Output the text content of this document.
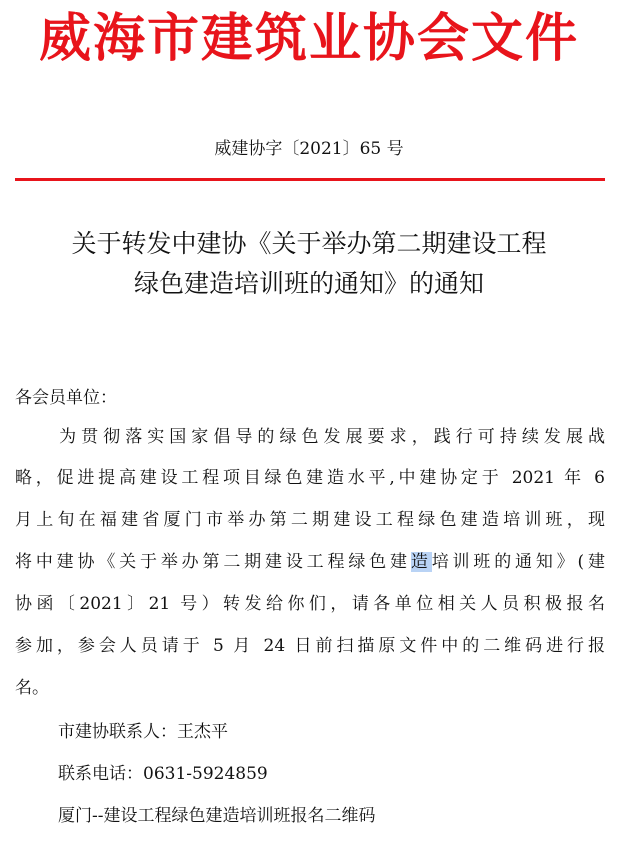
威海市建筑业协会文件
威建协字〔2021〕65 号
关于转发中建协《关于举办第二期建设工程
绿色建造培训班的通知》的通知
各会员单位：
　　为贯彻落实国家倡导的绿色发展要求，践行可持续发展战
略，促进提高建设工程项目绿色建造水平,中建协定于 2021 年 6
月上旬在福建省厦门市举办第二期建设工程绿色建造培训班，现
将中建协《关于举办第二期建设工程绿色建造培训班的通知》(建
协函〔2021〕21 号）转发给你们，请各单位相关人员积极报名
参加，参会人员请于 5 月 24 日前扫描原文件中的二维码进行报
名。
市建协联系人：王杰平
联系电话：0631-5924859
厦门--建设工程绿色建造培训班报名二维码
